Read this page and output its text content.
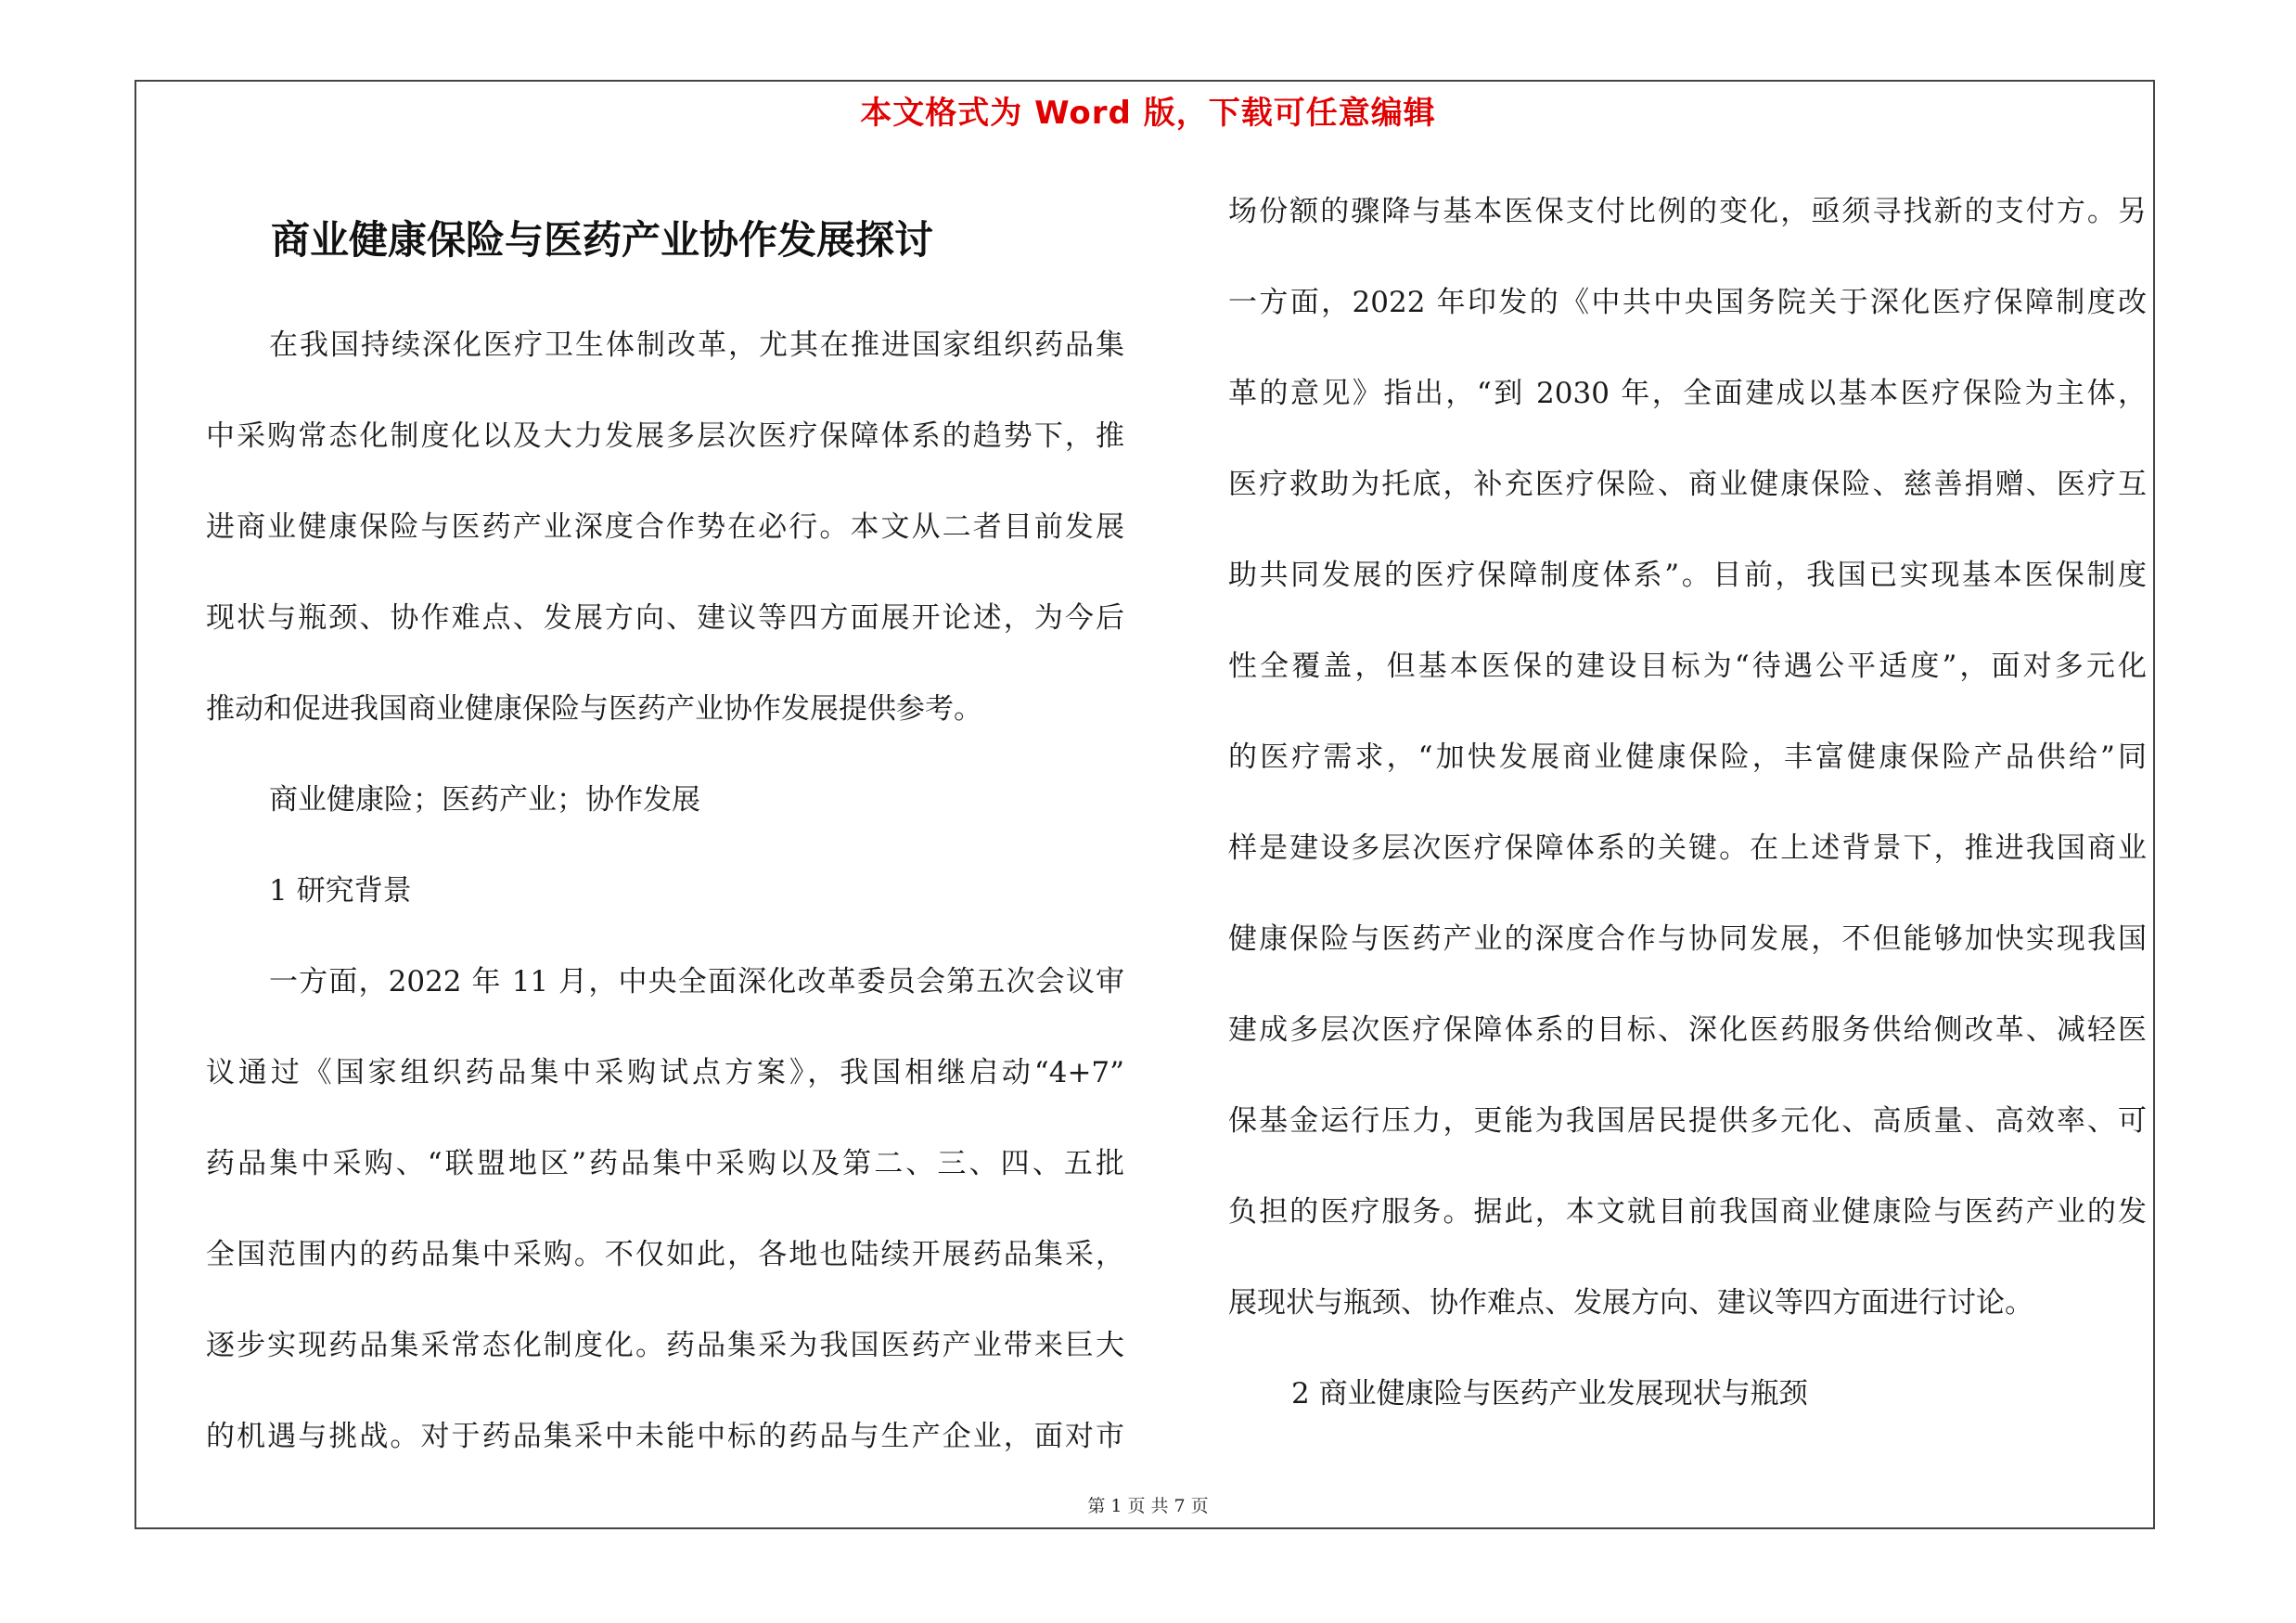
本文格式为 Word 版，下载可任意编辑
商业健康保险与医药产业协作发展探讨
在我国持续深化医疗卫生体制改革，尤其在推进国家组织药品集
中采购常态化制度化以及大力发展多层次医疗保障体系的趋势下，推
进商业健康保险与医药产业深度合作势在必行。本文从二者目前发展
现状与瓶颈、协作难点、发展方向、建议等四方面展开论述，为今后
推动和促进我国商业健康保险与医药产业协作发展提供参考。
商业健康险；医药产业；协作发展
1 研究背景
一方面，2022 年 11 月，中央全面深化改革委员会第五次会议审
议通过《国家组织药品集中采购试点方案》，我国相继启动“4+7”
药品集中采购、“联盟地区”药品集中采购以及第二、三、四、五批
全国范围内的药品集中采购。不仅如此，各地也陆续开展药品集采，
逐步实现药品集采常态化制度化。药品集采为我国医药产业带来巨大
的机遇与挑战。对于药品集采中未能中标的药品与生产企业，面对市
场份额的骤降与基本医保支付比例的变化，亟须寻找新的支付方。另
一方面，2022 年印发的《中共中央国务院关于深化医疗保障制度改
革的意见》指出，“到 2030 年，全面建成以基本医疗保险为主体，
医疗救助为托底，补充医疗保险、商业健康保险、慈善捐赠、医疗互
助共同发展的医疗保障制度体系”。目前，我国已实现基本医保制度
性全覆盖，但基本医保的建设目标为“待遇公平适度”，面对多元化
的医疗需求，“加快发展商业健康保险，丰富健康保险产品供给”同
样是建设多层次医疗保障体系的关键。在上述背景下，推进我国商业
健康保险与医药产业的深度合作与协同发展，不但能够加快实现我国
建成多层次医疗保障体系的目标、深化医药服务供给侧改革、减轻医
保基金运行压力，更能为我国居民提供多元化、高质量、高效率、可
负担的医疗服务。据此，本文就目前我国商业健康险与医药产业的发
展现状与瓶颈、协作难点、发展方向、建议等四方面进行讨论。
2 商业健康险与医药产业发展现状与瓶颈
第 1 页 共 7 页
